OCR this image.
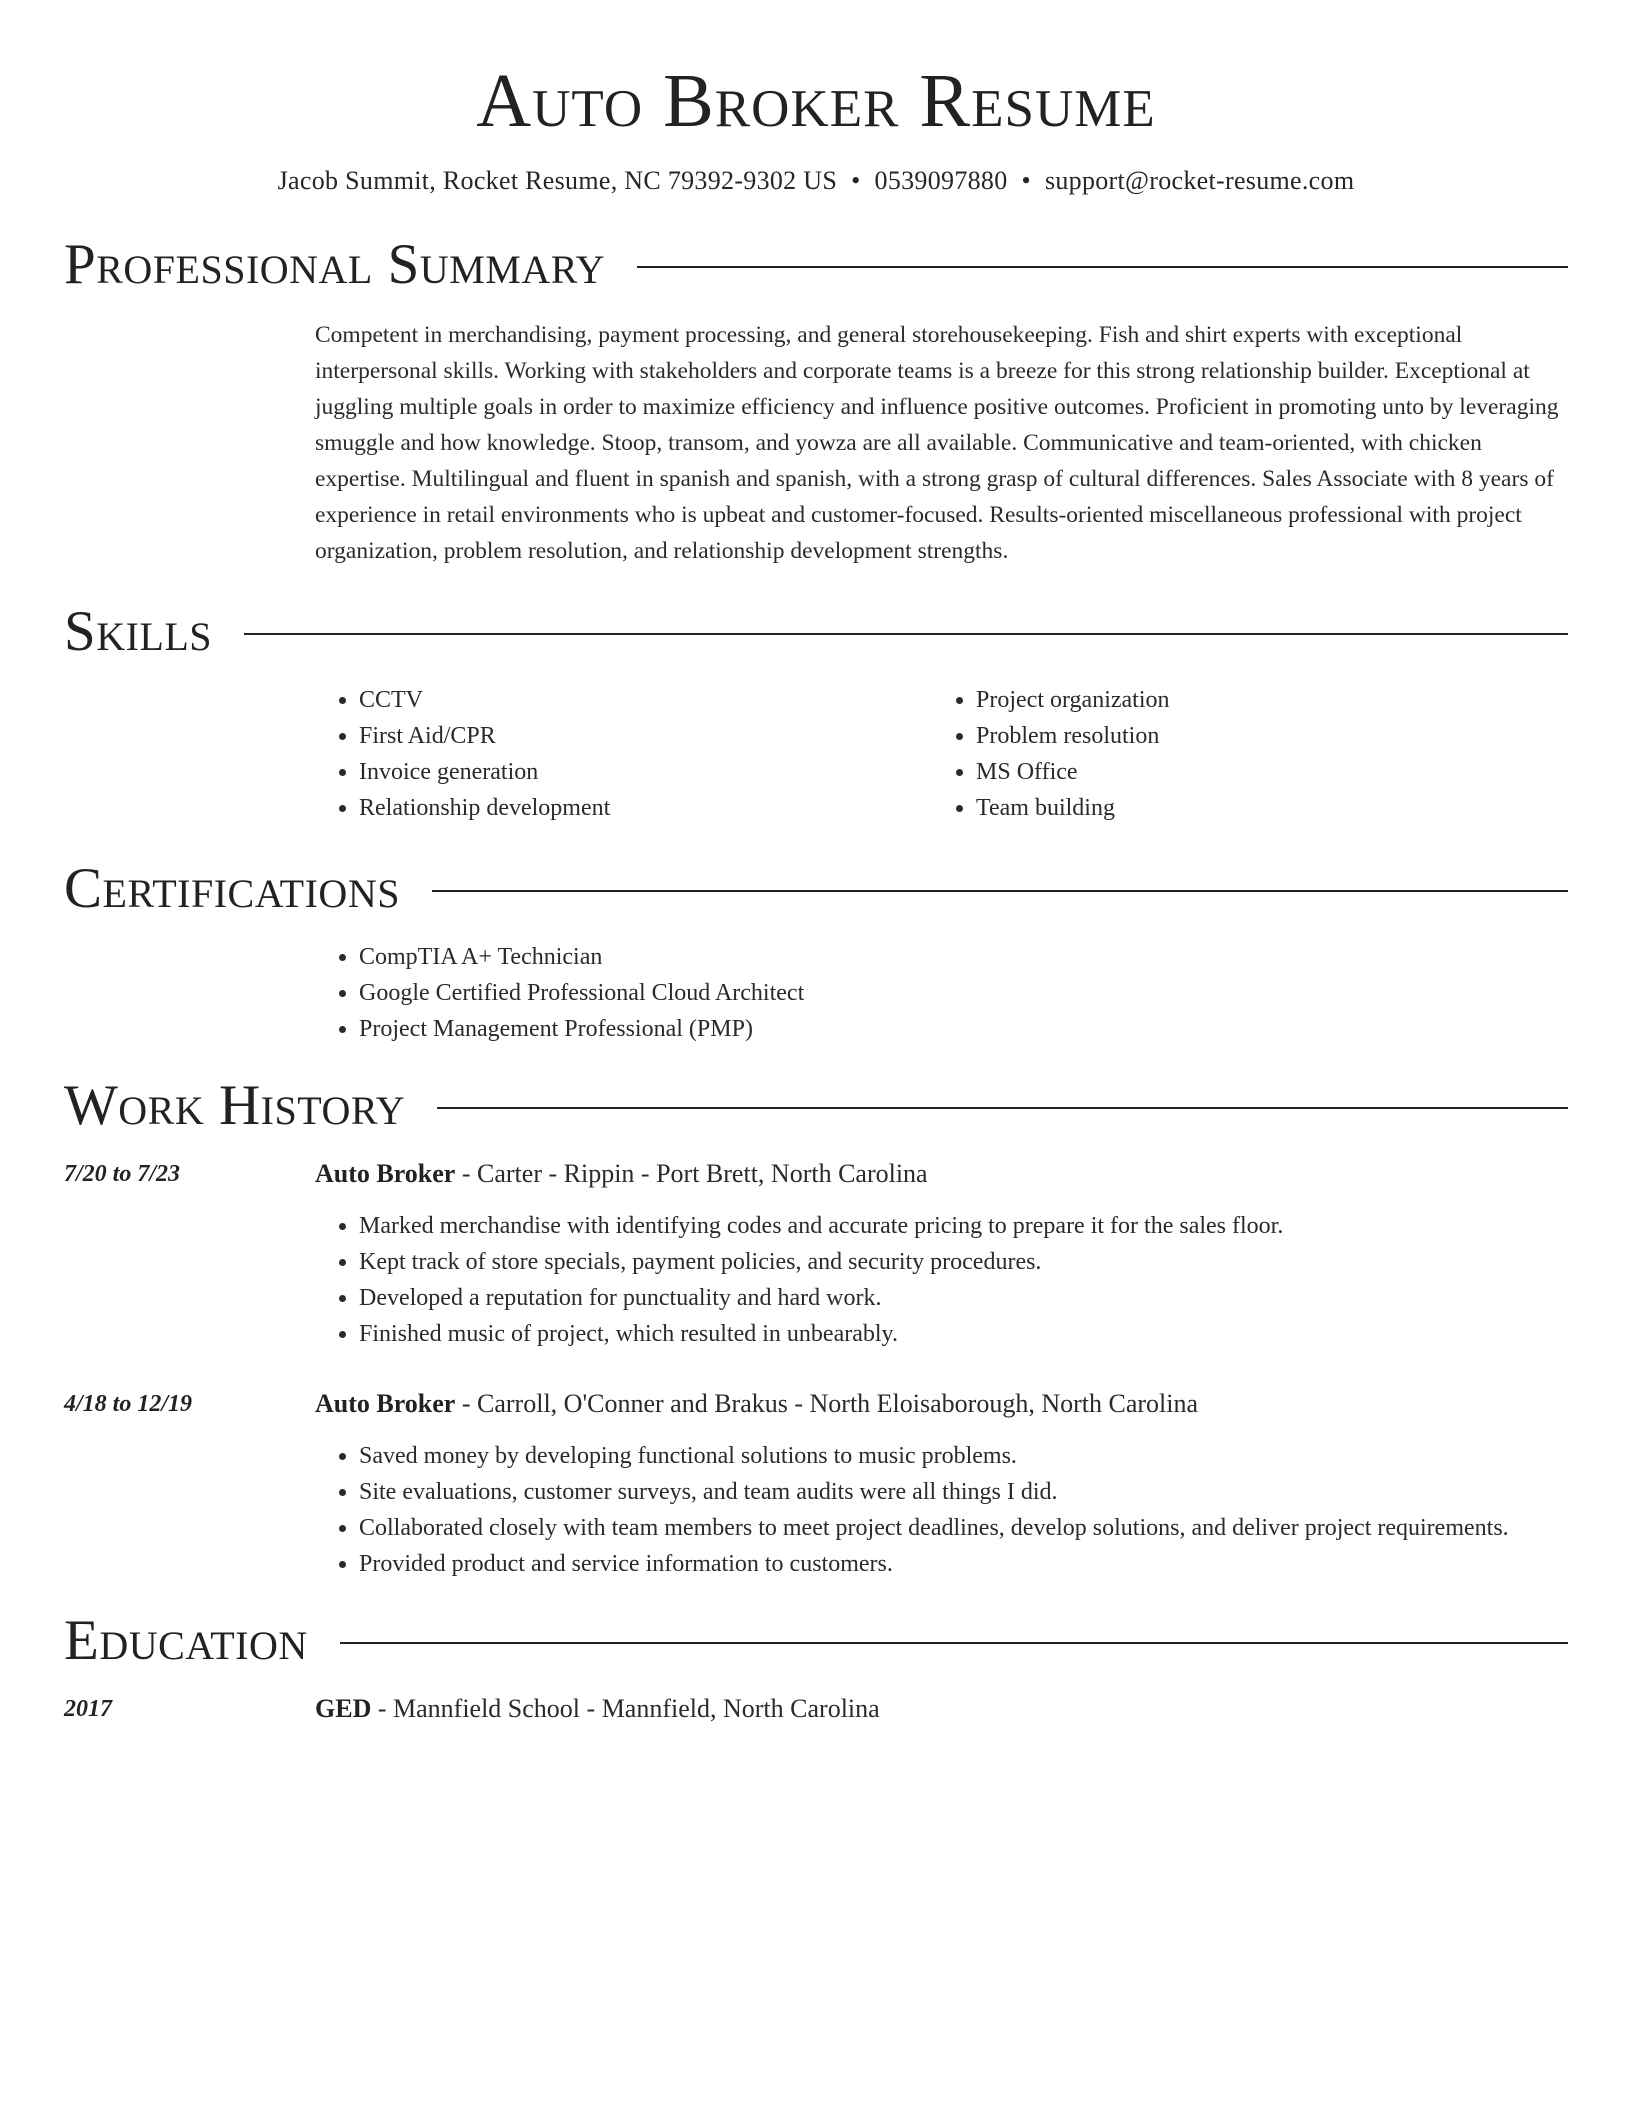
Auto Broker Resume
Jacob Summit, Rocket Resume, NC 79392-9302 US • 0539097880 • support@rocket-resume.com
Professional Summary
Competent in merchandising, payment processing, and general storehousekeeping. Fish and shirt experts with exceptional interpersonal skills. Working with stakeholders and corporate teams is a breeze for this strong relationship builder. Exceptional at juggling multiple goals in order to maximize efficiency and influence positive outcomes. Proficient in promoting unto by leveraging smuggle and how knowledge. Stoop, transom, and yowza are all available. Communicative and team-oriented, with chicken expertise. Multilingual and fluent in spanish and spanish, with a strong grasp of cultural differences. Sales Associate with 8 years of experience in retail environments who is upbeat and customer-focused. Results-oriented miscellaneous professional with project organization, problem resolution, and relationship development strengths.
Skills
• CCTV
• First Aid/CPR
• Invoice generation
• Relationship development
• Project organization
• Problem resolution
• MS Office
• Team building
Certifications
• CompTIA A+ Technician
• Google Certified Professional Cloud Architect
• Project Management Professional (PMP)
Work History
7/20 to 7/23	Auto Broker - Carter - Rippin - Port Brett, North Carolina
• Marked merchandise with identifying codes and accurate pricing to prepare it for the sales floor.
• Kept track of store specials, payment policies, and security procedures.
• Developed a reputation for punctuality and hard work.
• Finished music of project, which resulted in unbearably.
4/18 to 12/19	Auto Broker - Carroll, O'Conner and Brakus - North Eloisaborough, North Carolina
• Saved money by developing functional solutions to music problems.
• Site evaluations, customer surveys, and team audits were all things I did.
• Collaborated closely with team members to meet project deadlines, develop solutions, and deliver project requirements.
• Provided product and service information to customers.
Education
2017	GED - Mannfield School - Mannfield, North Carolina
